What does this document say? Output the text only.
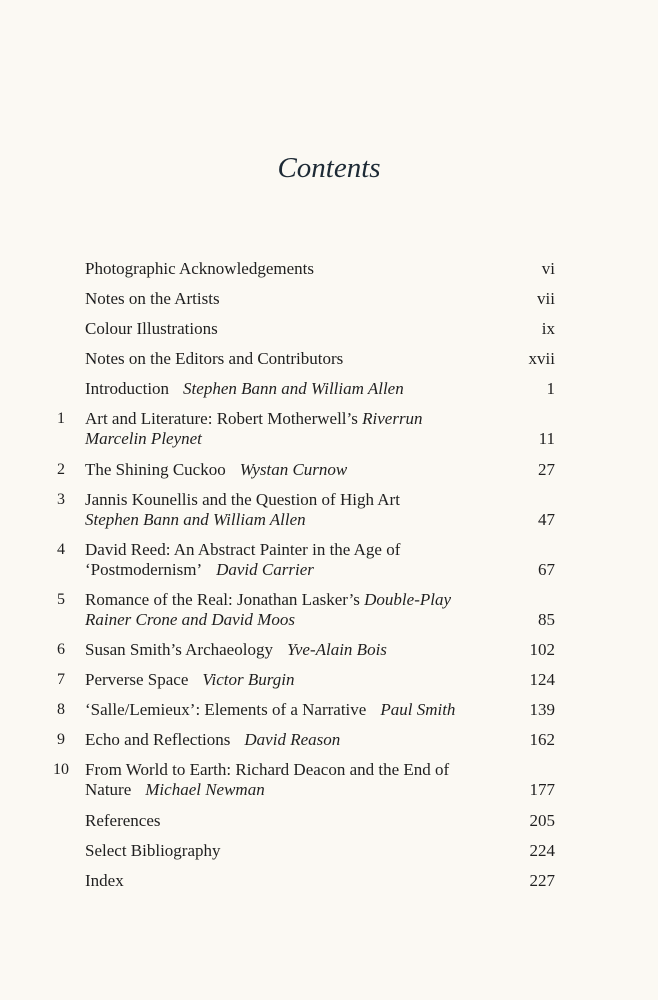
Contents
Photographic Acknowledgements	vi
Notes on the Artists	vii
Colour Illustrations	ix
Notes on the Editors and Contributors	xvii
Introduction Stephen Bann and William Allen	1
1	Art and Literature: Robert Motherwell’s Riverrun
Marcelin Pleynet	11
2	The Shining Cuckoo Wystan Curnow	27
3	Jannis Kounellis and the Question of High Art
Stephen Bann and William Allen	47
4	David Reed: An Abstract Painter in the Age of
‘Postmodernism’ David Carrier	67
5	Romance of the Real: Jonathan Lasker’s Double-Play
Rainer Crone and David Moos	85
6	Susan Smith’s Archaeology Yve-Alain Bois	102
7	Perverse Space Victor Burgin	124
8	‘Salle/Lemieux’: Elements of a Narrative Paul Smith	139
9	Echo and Reflections David Reason	162
10 From World to Earth: Richard Deacon and the End of
Nature Michael Newman	177
References	205
Select Bibliography	224
Index	227
